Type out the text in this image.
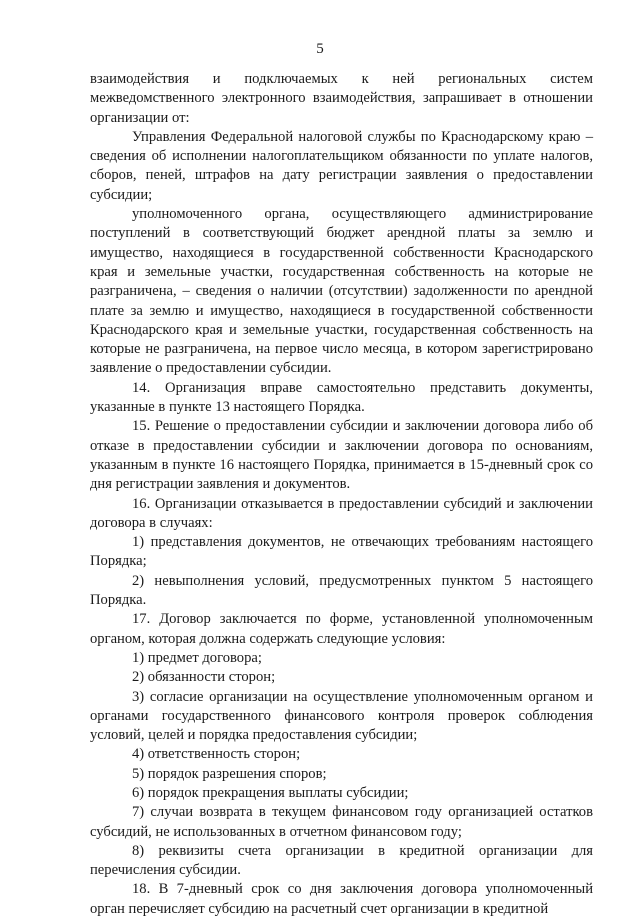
5

взаимодействия и подключаемых к ней региональных систем межведомственного электронного взаимодействия, запрашивает в отношении организации от:

Управления Федеральной налоговой службы по Краснодарскому краю – сведения об исполнении налогоплательщиком обязанности по уплате налогов, сборов, пеней, штрафов на дату регистрации заявления о предоставлении субсидии;

уполномоченного органа, осуществляющего администрирование поступлений в соответствующий бюджет арендной платы за землю и имущество, находящиеся в государственной собственности Краснодарского края и земельные участки, государственная собственность на которые не разграничена, – сведения о наличии (отсутствии) задолженности по арендной плате за землю и имущество, находящиеся в государственной собственности Краснодарского края и земельные участки, государственная собственность на которые не разграничена, на первое число месяца, в котором зарегистрировано заявление о предоставлении субсидии.

14. Организация вправе самостоятельно представить документы, указанные в пункте 13 настоящего Порядка.

15. Решение о предоставлении субсидии и заключении договора либо об отказе в предоставлении субсидии и заключении договора по основаниям, указанным в пункте 16 настоящего Порядка, принимается в 15-дневный срок со дня регистрации заявления и документов.

16. Организации отказывается в предоставлении субсидий и заключении договора в случаях:

1) представления документов, не отвечающих требованиям настоящего Порядка;

2) невыполнения условий, предусмотренных пунктом 5 настоящего Порядка.

17. Договор заключается по форме, установленной уполномоченным органом, которая должна содержать следующие условия:

1) предмет договора;

2) обязанности сторон;

3) согласие организации на осуществление уполномоченным органом и органами государственного финансового контроля проверок соблюдения условий, целей и порядка предоставления субсидии;

4) ответственность сторон;

5) порядок разрешения споров;

6) порядок прекращения выплаты субсидии;

7) случаи возврата в текущем финансовом году организацией остатков субсидий, не использованных в отчетном финансовом году;

8) реквизиты счета организации в кредитной организации для перечисления субсидии.

18. В 7-дневный срок со дня заключения договора уполномоченный орган перечисляет субсидию на расчетный счет организации в кредитной
